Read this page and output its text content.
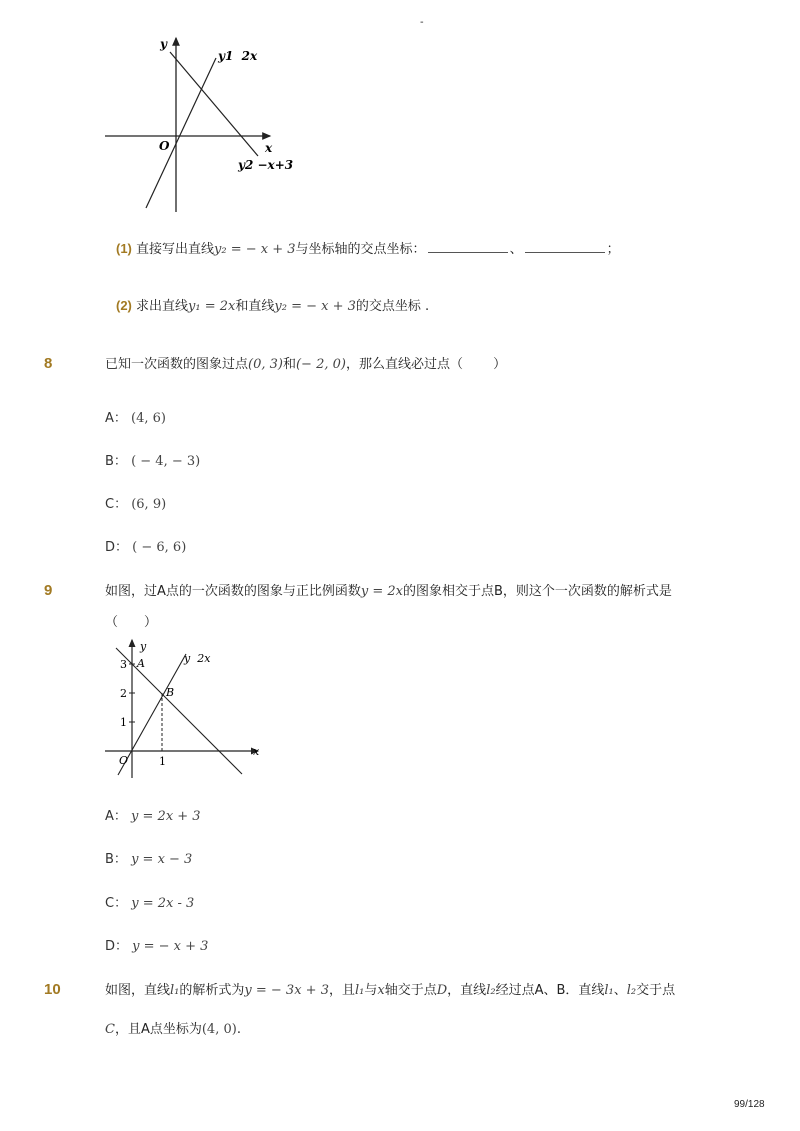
-
y
x
O
y1  2x
y2 −x+3
(1) 直接写出直线y₂ = − x + 3与坐标轴的交点坐标：	、	；
(2) 求出直线y₁ = 2x和直线y₂ = − x + 3的交点坐标 .
8	已知一次函数的图象过点(0, 3)和(− 2, 0)，那么直线必过点（　　 ）
A： (4, 6)
B： ( − 4, − 3)
C： (6, 9)
D： ( − 6, 6)
9	如图，过A点的一次函数的图象与正比例函数y = 2x的图象相交于点B，则这个一次函数的解析式是
（　　）
y
x
O
y  2x
A
B
3
2
1
1
A： y = 2x + 3
B： y = x − 3
C： y = 2x - 3
D： y = − x + 3
10	如图，直线l₁的解析式为y = − 3x + 3，且l₁与x轴交于点D，直线l₂经过点A、B．直线l₁、l₂交于点
C，且A点坐标为(4, 0).
99/128
